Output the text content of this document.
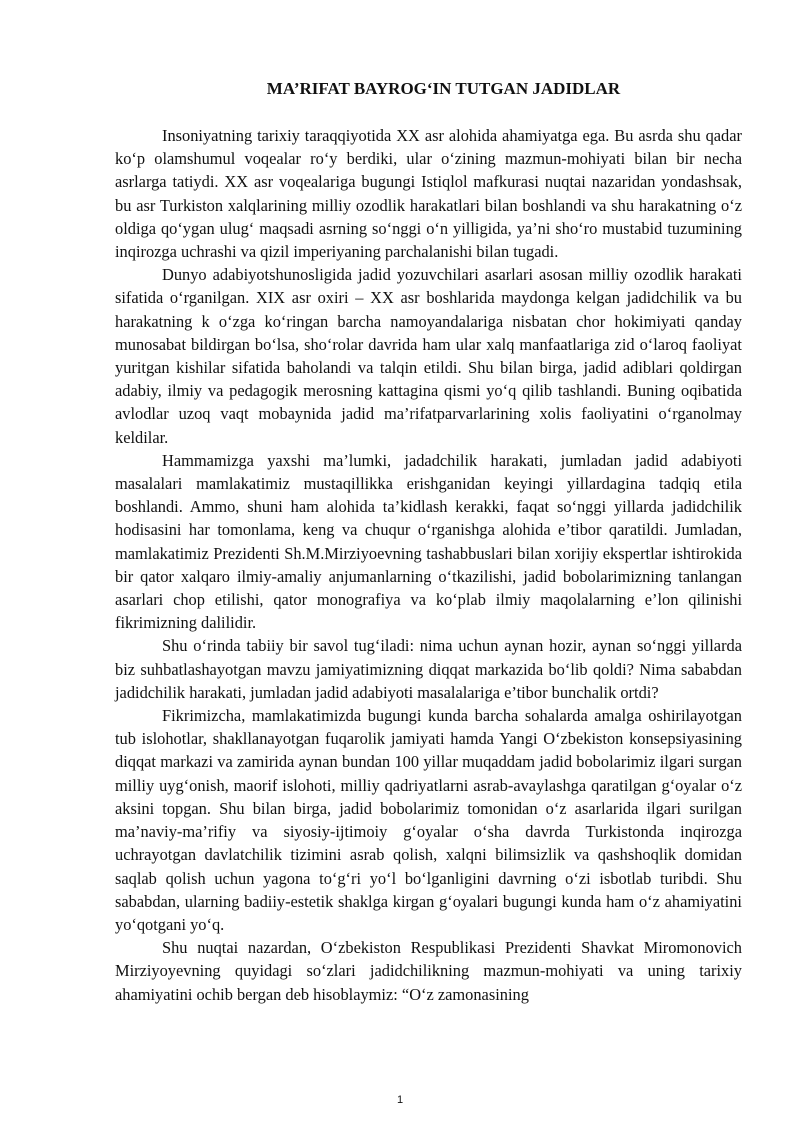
MA’RIFAT BAYROG‘IN TUTGAN JADIDLAR

Insoniyatning tarixiy taraqqiyotida XX asr alohida ahamiyatga ega. Bu asrda shu qadar ko‘p olamshumul voqealar ro‘y berdiki, ular o‘zining mazmun-mohiyati bilan bir necha asrlarga tatiydi. XX asr voqealariga bugungi Istiqlol mafkurasi nuqtai nazaridan yondashsak, bu asr Turkiston xalqlarining milliy ozodlik harakatlari bilan boshlandi va shu harakatning o‘z oldiga qo‘ygan ulug‘ maqsadi asrning so‘nggi o‘n yilligida, ya’ni sho‘ro mustabid tuzumining inqirozga uchrashi va qizil imperiyaning parchalanishi bilan tugadi.

Dunyo adabiyotshunosligida jadid yozuvchilari asarlari asosan milliy ozodlik harakati sifatida o‘rganilgan. XIX asr oxiri – XX asr boshlarida maydonga kelgan jadidchilik va bu harakatning k o‘zga ko‘ringan barcha namoyandalariga nisbatan chor hokimiyati qanday munosabat bildirgan bo‘lsa, sho‘rolar davrida ham ular xalq manfaatlariga zid o‘laroq faoliyat yuritgan kishilar sifatida baholandi va talqin etildi. Shu bilan birga, jadid adiblari qoldirgan adabiy, ilmiy va pedagogik merosning kattagina qismi yo‘q qilib tashlandi. Buning oqibatida avlodlar uzoq vaqt mobaynida jadid ma’rifatparvarlarining xolis faoliyatini o‘rganolmay keldilar.

Hammamizga yaxshi ma’lumki, jadadchilik harakati, jumladan jadid adabiyoti masalalari mamlakatimiz mustaqillikka erishganidan keyingi yillardagina tadqiq etila boshlandi. Ammo, shuni ham alohida ta’kidlash kerakki, faqat so‘nggi yillarda jadidchilik hodisasini har tomonlama, keng va chuqur o‘rganishga alohida e’tibor qaratildi. Jumladan, mamlakatimiz Prezidenti Sh.M.Mirziyoevning tashabbuslari bilan xorijiy ekspertlar ishtirokida bir qator xalqaro ilmiy-amaliy anjumanlarning o‘tkazilishi, jadid bobolarimizning tanlangan asarlari chop etilishi, qator monografiya va ko‘plab ilmiy maqolalarning e’lon qilinishi fikrimizning dalilidir.

Shu o‘rinda tabiiy bir savol tug‘iladi: nima uchun aynan hozir, aynan so‘nggi yillarda biz suhbatlashayotgan mavzu jamiyatimizning diqqat markazida bo‘lib qoldi? Nima sababdan jadidchilik harakati, jumladan jadid adabiyoti masalalariga e’tibor bunchalik ortdi?

Fikrimizcha, mamlakatimizda bugungi kunda barcha sohalarda amalga oshirilayotgan tub islohotlar, shakllanayotgan fuqarolik jamiyati hamda Yangi O‘zbekiston konsepsiyasining diqqat markazi va zamirida aynan bundan 100 yillar muqaddam jadid bobolarimiz ilgari surgan milliy uyg‘onish, maorif islohoti, milliy qadriyatlarni asrab-avaylashga qaratilgan g‘oyalar o‘z aksini topgan. Shu bilan birga, jadid bobolarimiz tomonidan o‘z asarlarida ilgari surilgan ma’naviy-ma’rifiy va siyosiy-ijtimoiy g‘oyalar o‘sha davrda Turkistonda inqirozga uchrayotgan davlatchilik tizimini asrab qolish, xalqni bilimsizlik va qashshoqlik domidan saqlab qolish uchun yagona to‘g‘ri yo‘l bo‘lganligini davrning o‘zi isbotlab turibdi. Shu sababdan, ularning badiiy-estetik shaklga kirgan g‘oyalari bugungi kunda ham o‘z ahamiyatini yo‘qotgani yo‘q.

Shu nuqtai nazardan, O‘zbekiston Respublikasi Prezidenti Shavkat Miromonovich Mirziyoyevning quyidagi so‘zlari jadidchilikning mazmun-mohiyati va uning tarixiy ahamiyatini ochib bergan deb hisoblaymiz: “O‘z zamonasining

1
